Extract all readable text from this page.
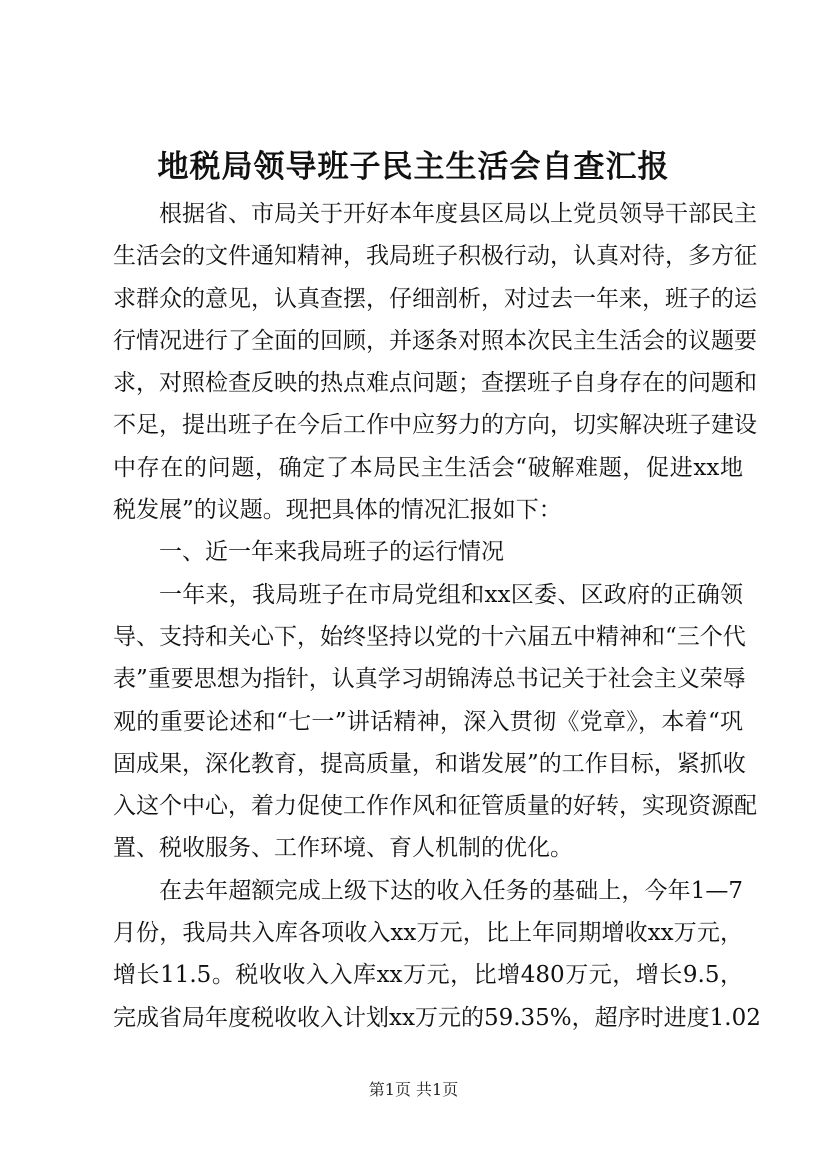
地税局领导班子民主生活会自查汇报
根据省、市局关于开好本年度县区局以上党员领导干部民主
生活会的文件通知精神，我局班子积极行动，认真对待，多方征
求群众的意见，认真查摆，仔细剖析，对过去一年来，班子的运
行情况进行了全面的回顾，并逐条对照本次民主生活会的议题要
求，对照检查反映的热点难点问题；查摆班子自身存在的问题和
不足，提出班子在今后工作中应努力的方向，切实解决班子建设
中存在的问题，确定了本局民主生活会“破解难题，促进xx地
税发展”的议题。现把具体的情况汇报如下：
一、近一年来我局班子的运行情况
一年来，我局班子在市局党组和xx区委、区政府的正确领
导、支持和关心下，始终坚持以党的十六届五中精神和“三个代
表”重要思想为指针，认真学习胡锦涛总书记关于社会主义荣辱
观的重要论述和“七一”讲话精神，深入贯彻《党章》，本着“巩
固成果，深化教育，提高质量，和谐发展”的工作目标，紧抓收
入这个中心，着力促使工作作风和征管质量的好转，实现资源配
置、税收服务、工作环境、育人机制的优化。
在去年超额完成上级下达的收入任务的基础上，今年1—7
月份，我局共入库各项收入xx万元，比上年同期增收xx万元，
增长11.5。税收收入入库xx万元，比增480万元，增长9.5，
完成省局年度税收收入计划xx万元的59.35%，超序时进度1.02
第1页 共1页
